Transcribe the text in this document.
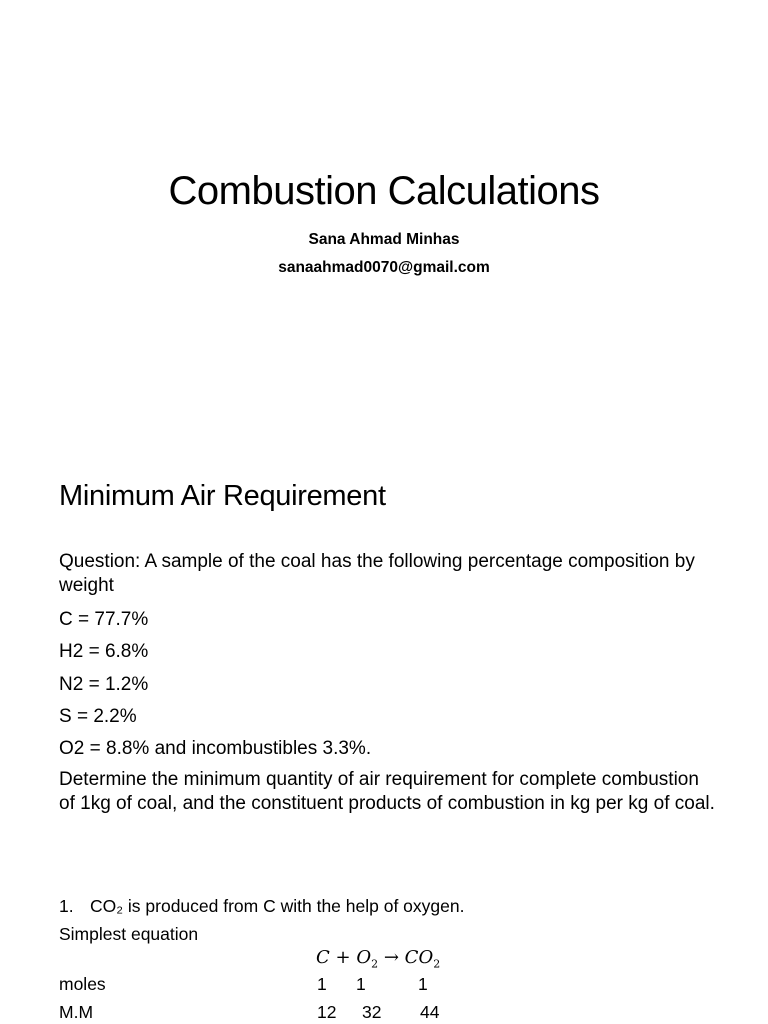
Combustion Calculations
Sana Ahmad Minhas
sanaahmad0070@gmail.com
Minimum Air Requirement
Question: A sample of the coal has the following percentage composition by weight
C = 77.7%
H2 = 6.8%
N2 = 1.2%
S = 2.2%
O2 = 8.8% and incombustibles 3.3%.
Determine the minimum quantity of air requirement for complete combustion of 1kg of coal, and the constituent products of combustion in kg per kg of coal.
1. CO₂ is produced from C with the help of oxygen.
Simplest equation
$C + O_2 \to CO_2$
moles	1 1	1
M.M	12 32 44
